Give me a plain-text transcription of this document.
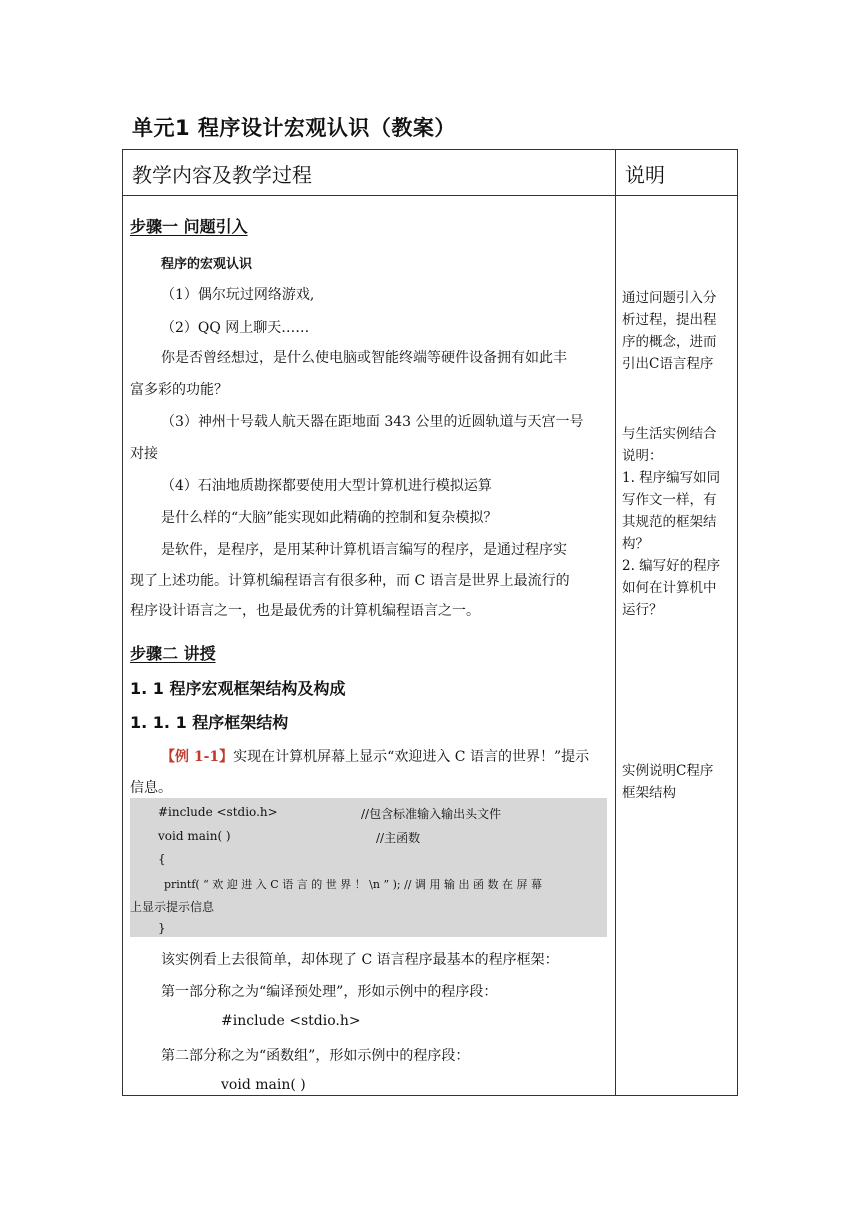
单元1 程序设计宏观认识（教案）
教学内容及教学过程	说明
步骤一 问题引入
程序的宏观认识
（1）偶尔玩过网络游戏,
（2）QQ 网上聊天……
你是否曾经想过，是什么使电脑或智能终端等硬件设备拥有如此丰
富多彩的功能？
（3）神州十号载人航天器在距地面 343 公里的近圆轨道与天宫一号
对接
（4）石油地质勘探都要使用大型计算机进行模拟运算
是什么样的“大脑”能实现如此精确的控制和复杂模拟？
是软件，是程序，是用某种计算机语言编写的程序，是通过程序实
现了上述功能。计算机编程语言有很多种，而 C 语言是世界上最流行的
程序设计语言之一，也是最优秀的计算机编程语言之一。
步骤二 讲授
1. 1 程序宏观框架结构及构成
1. 1. 1 程序框架结构
【例 1-1】实现在计算机屏幕上显示“欢迎进入 C 语言的世界！”提示
信息。
#include <stdio.h>	//包含标准输入输出头文件
void main( )	//主函数
{
printf( “ 欢 迎 进 入 C 语 言 的 世 界 ！ \n ” ); // 调 用 输 出 函 数 在 屏 幕
上显示提示信息
}
该实例看上去很简单，却体现了 C 语言程序最基本的程序框架：
第一部分称之为“编译预处理”，形如示例中的程序段：
#include <stdio.h>
第二部分称之为“函数组”，形如示例中的程序段：
void main( )
通过问题引入分
析过程，提出程
序的概念，进而
引出C语言程序
与生活实例结合
说明：
1. 程序编写如同
写作文一样，有
其规范的框架结
构？
2. 编写好的程序
如何在计算机中
运行？
实例说明C程序
框架结构
